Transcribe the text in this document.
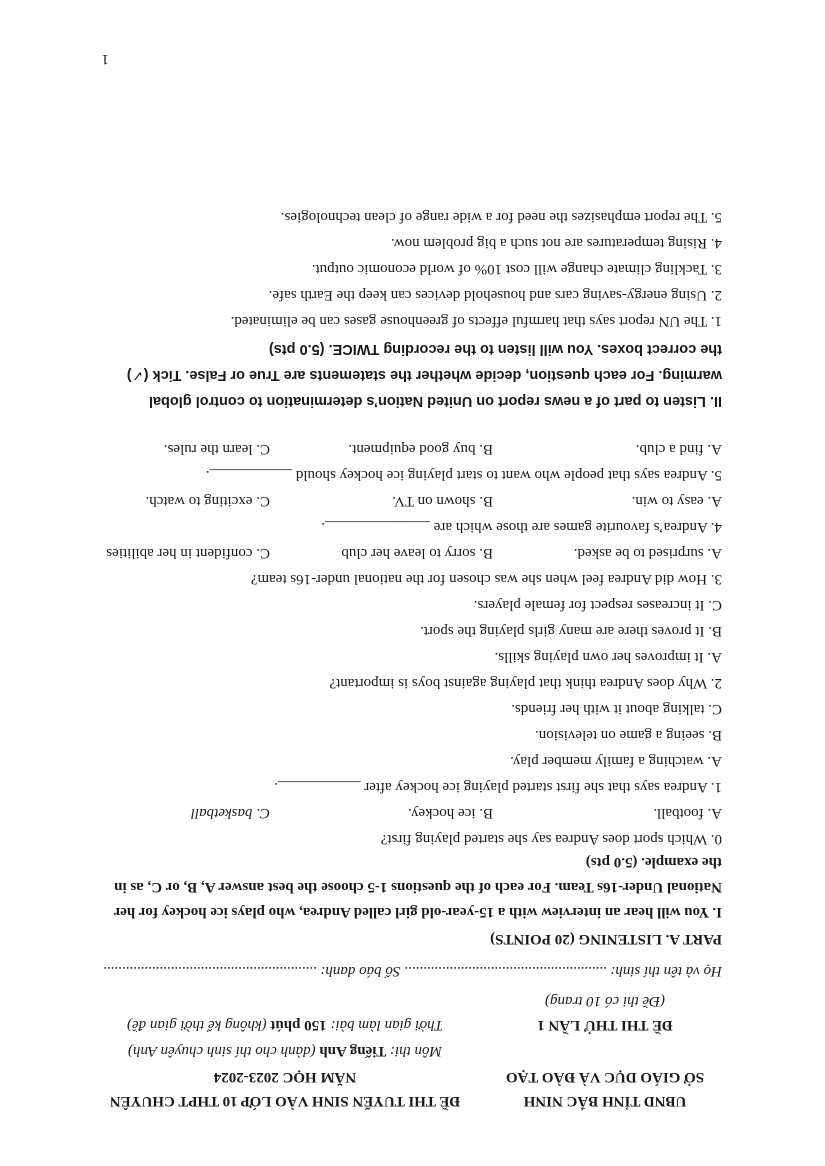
UBND TỈNH BẮC NINH
SỞ GIÁO DỤC VÀ ĐÀO TẠO
ĐỀ THI THỬ LẦN 1
(Đề thi có 10 trang)
ĐỀ THI TUYỂN SINH VÀO LỚP 10 THPT CHUYÊN
NĂM HỌC 2023-2024
Môn thi: Tiếng Anh (dành cho thí sinh chuyên Anh)
Thời gian làm bài: 150 phút (không kể thời gian đề)
Họ và tên thí sinh: ...................................................... Số báo danh: .........................................................
PART A. LISTENING (20 POINTS)
I. You will hear an interview with a 15-year-old girl called Andrea, who plays ice hockey for her National Under-16s Team. For each of the questions 1-5 choose the best answer A, B, or C, as in the example. (5.0 pts)
0. Which sport does Andrea say she started playing first?
A. football.
B. ice hockey.
C. basketball
1. Andrea says that she first started playing ice hockey after ___________.
A. watching a family member play.
B. seeing a game on television.
C. talking about it with her friends.
2. Why does Andrea think that playing against boys is important?
A. It improves her own playing skills.
B. It proves there are many girls playing the sport.
C. It increases respect for female players.
3. How did Andrea feel when she was chosen for the national under-16s team?
A. surprised to be asked.
B. sorry to leave her club
C. confident in her abilities
4. Andrea’s favourite games are those which are ______________.
A. easy to win.
B. shown on TV.
C. exciting to watch.
5. Andrea says that people who want to start playing ice hockey should ___________.
A. find a club.
B. buy good equipment.
C. learn the rules.
II. Listen to part of a news report on United Nation’s determination to control global warming. For each question, decide whether the statements are True or False. Tick (✓) the correct boxes. You will listen to the recording TWICE. (5.0 pts)
1. The UN report says that harmful effects of greenhouse gases can be eliminated.
2. Using energy-saving cars and household devices can keep the Earth safe.
3. Tackling climate change will cost 10% of world economic output.
4. Rising temperatures are not such a big problem now.
5. The report emphasizes the need for a wide range of clean technologies.
1
